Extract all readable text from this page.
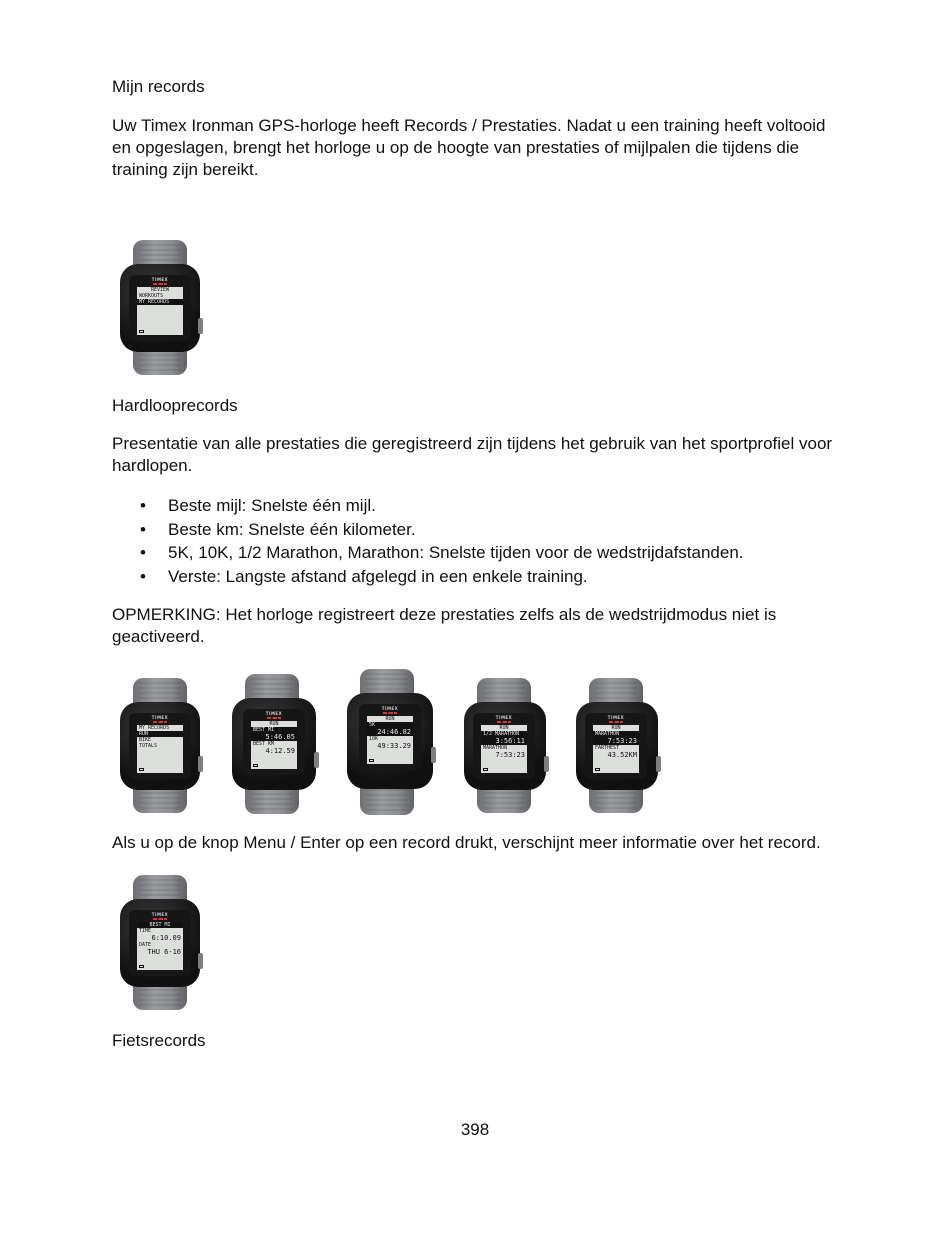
Mijn records

Uw Timex Ironman GPS-horloge heeft Records / Prestaties. Nadat u een training heeft voltooid en opgeslagen, brengt het horloge u op de hoogte van prestaties of mijlpalen die tijdens die training zijn bereikt.

TIMEX
REVIEW
WORKOUTS
MY RECORDS

Hardlooprecords

Presentatie van alle prestaties die geregistreerd zijn tijdens het gebruik van het sportprofiel voor hardlopen.

• Beste mijl: Snelste één mijl.
• Beste km: Snelste één kilometer.
• 5K, 10K, 1/2 Marathon, Marathon: Snelste tijden voor de wedstrijdafstanden.
• Verste: Langste afstand afgelegd in een enkele training.

OPMERKING: Het horloge registreert deze prestaties zelfs als de wedstrijdmodus niet is geactiveerd.

TIMEX
MY RECORDS
RUN
BIKE
TOTALS
TIMEX
RUN
BEST MI
5:46.05
BEST KM
4:12.59
TIMEX
RUN
5K
24:46.82
10K
49:33.29
TIMEX
RUN
1/2 MARATHON
3:56:11
MARATHON
7:53:23
TIMEX
RUN
MARATHON
7:53:23
FARTHEST
43.52KM

Als u op de knop Menu / Enter op een record drukt, verschijnt meer informatie over het record.

TIMEX
BEST MI
TIME
6:10.09
DATE
THU 6-16

Fietsrecords

398
